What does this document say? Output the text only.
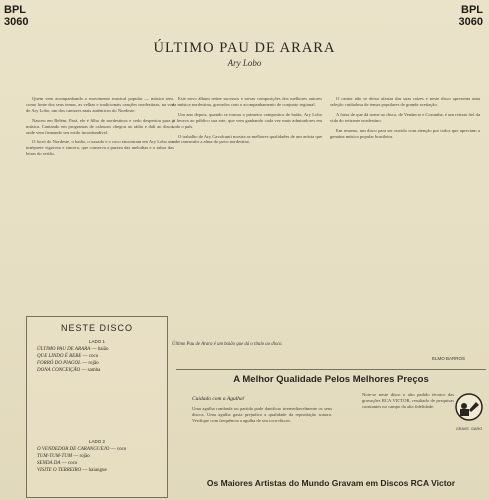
BPL
3060
BPL
3060
ÚLTIMO PAU DE ARARA
Ary Lobo

Quem vem acompanhando o movimento musical popular — música tem, como fonte dos seus temas, as velhas e tradicionais canções nordestinas, na voz de Ary Lobo, um dos cantores mais autênticos do Nordeste.

Nasceu em Belém, Pará, ele é filho de nordestinos e cedo despertou para a música. Cantando em programas de calouros chegou ao rádio e dali ao disco, onde vem firmando seu estilo inconfundível.

O forró do Nordeste, o baião, o xaxado e o coco encontram em Ary Lobo um intérprete vigoroso e sincero, que conserva a pureza das melodias e o sabor das letras do sertão.

Este novo álbum reúne sucessos e novas composições dos melhores autores da música nordestina, gravados com o acompanhamento de conjunto regional.

Um ano depois, quando se tornou o primeiro compositor de baião, Ary Lobo já levava ao público sua arte, que vem ganhando cada vez mais admiradores em todo o país.

O trabalho de Ary Cavalcanti mostra as melhores qualidades de um artista que sabe transmitir a alma do povo nordestino.

O cantor não se deixa afastar das suas raízes e neste disco apresenta uma seleção cuidadosa de temas populares de grande aceitação.

A faixa de que dá nome ao disco, de Venâncio e Corumba, é um retrato fiel da vida do retirante nordestino.

Em resumo, um disco para ser ouvido com atenção por todos que apreciam a genuína música popular brasileira.

Último Pau de Arara é um baião que dá o título ao disco.
ELMO BARROS
NESTE DISCO
LADO 1
ÚLTIMO PAU DE ARARA — baião
QUE LINDO É BEBE — coco
FORRÓ DO PIAGOL — rojão
DONA CONCEIÇÃO — samba
LADO 2
O VENDEDOR DE CARANGUEJO — coco
TUM-TUM-TUM — rojão
SENDA DA — coco
VISITE O TERREIRO — baiangue
A Melhor Qualidade Pelos Melhores Preços
Cuidado com a Agulha!
Uma agulha rombuda ou partida pode danificar irremediavelmente os seus discos. Uma agulha gasta prejudica a qualidade da reprodução sonora. Verifique com frequência a agulha de seu toca-discos.
Note-se neste disco o alto padrão técnico das gravações RCA VICTOR, resultado de pesquisas constantes no campo da alta fidelidade.
GRAVE. GARO
Os Maiores Artistas do Mundo Gravam em Discos RCA Victor
